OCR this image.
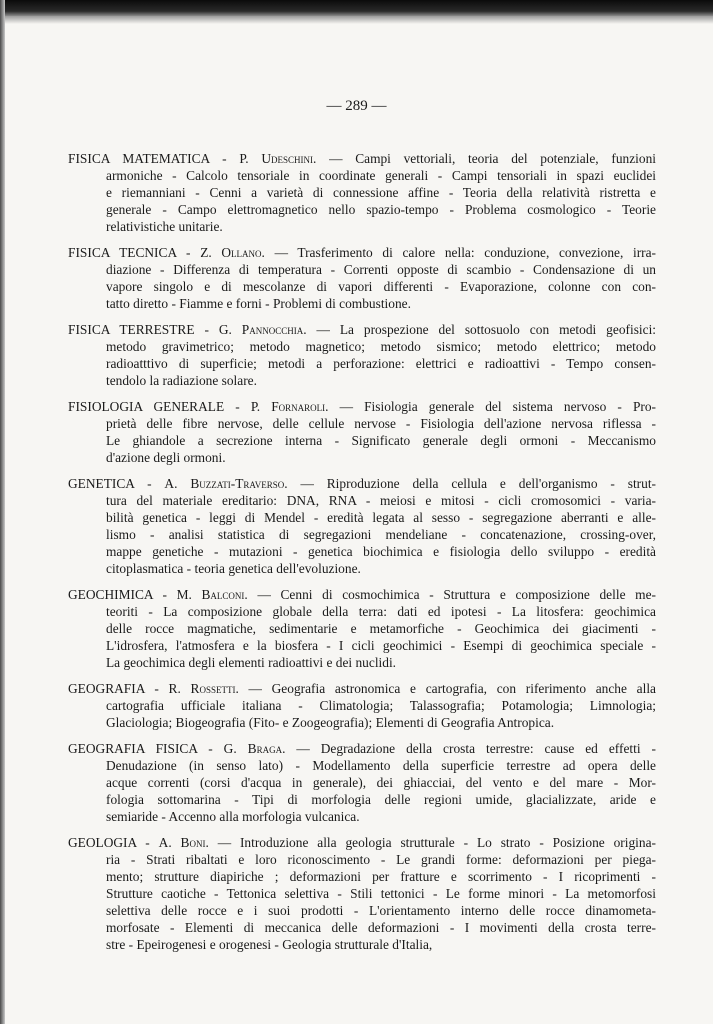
— 289 —
FISICA MATEMATICA - P. Udeschini. — Campi vettoriali, teoria del potenziale, funzioni
armoniche - Calcolo tensoriale in coordinate generali - Campi tensoriali in spazi euclidei
e riemanniani - Cenni a varietà di connessione affine - Teoria della relatività ristretta e
generale - Campo elettromagnetico nello spazio-tempo - Problema cosmologico - Teorie
relativistiche unitarie.
FISICA TECNICA - Z. Ollano. — Trasferimento di calore nella: conduzione, convezione, irra-
diazione - Differenza di temperatura - Correnti opposte di scambio - Condensazione di un
vapore singolo e di mescolanze di vapori differenti - Evaporazione, colonne con con-
tatto diretto - Fiamme e forni - Problemi di combustione.
FISICA TERRESTRE - G. Pannocchia. — La prospezione del sottosuolo con metodi geofisici:
metodo gravimetrico; metodo magnetico; metodo sismico; metodo elettrico; metodo
radioatttivo di superficie; metodi a perforazione: elettrici e radioattivi - Tempo consen-
tendolo la radiazione solare.
FISIOLOGIA GENERALE - P. Fornaroli. — Fisiologia generale del sistema nervoso - Pro-
prietà delle fibre nervose, delle cellule nervose - Fisiologia dell'azione nervosa riflessa -
Le ghiandole a secrezione interna - Significato generale degli ormoni - Meccanismo
d'azione degli ormoni.
GENETICA - A. Buzzati-Traverso. — Riproduzione della cellula e dell'organismo - strut-
tura del materiale ereditario: DNA, RNA - meiosi e mitosi - cicli cromosomici - varia-
bilità genetica - leggi di Mendel - eredità legata al sesso - segregazione aberranti e alle-
lismo - analisi statistica di segregazioni mendeliane - concatenazione, crossing-over,
mappe genetiche - mutazioni - genetica biochimica e fisiologia dello sviluppo - eredità
citoplasmatica - teoria genetica dell'evoluzione.
GEOCHIMICA - M. Balconi. — Cenni di cosmochimica - Struttura e composizione delle me-
teoriti - La composizione globale della terra: dati ed ipotesi - La litosfera: geochimica
delle rocce magmatiche, sedimentarie e metamorfiche - Geochimica dei giacimenti -
L'idrosfera, l'atmosfera e la biosfera - I cicli geochimici - Esempi di geochimica speciale -
La geochimica degli elementi radioattivi e dei nuclidi.
GEOGRAFIA - R. Rossetti. — Geografia astronomica e cartografia, con riferimento anche alla
cartografia ufficiale italiana - Climatologia; Talassografia; Potamologia; Limnologia;
Glaciologia; Biogeografia (Fito- e Zoogeografia); Elementi di Geografia Antropica.
GEOGRAFIA FISICA - G. Braga. — Degradazione della crosta terrestre: cause ed effetti -
Denudazione (in senso lato) - Modellamento della superficie terrestre ad opera delle
acque correnti (corsi d'acqua in generale), dei ghiacciai, del vento e del mare - Mor-
fologia sottomarina - Tipi di morfologia delle regioni umide, glacializzate, aride e
semiaride - Accenno alla morfologia vulcanica.
GEOLOGIA - A. Boni. — Introduzione alla geologia strutturale - Lo strato - Posizione origina-
ria - Strati ribaltati e loro riconoscimento - Le grandi forme: deformazioni per piega-
mento; strutture diapiriche ; deformazioni per fratture e scorrimento - I ricoprimenti -
Strutture caotiche - Tettonica selettiva - Stili tettonici - Le forme minori - La metomorfosi
selettiva delle rocce e i suoi prodotti - L'orientamento interno delle rocce dinamometa-
morfosate - Elementi di meccanica delle deformazioni - I movimenti della crosta terre-
stre - Epeirogenesi e orogenesi - Geologia strutturale d'Italia,
